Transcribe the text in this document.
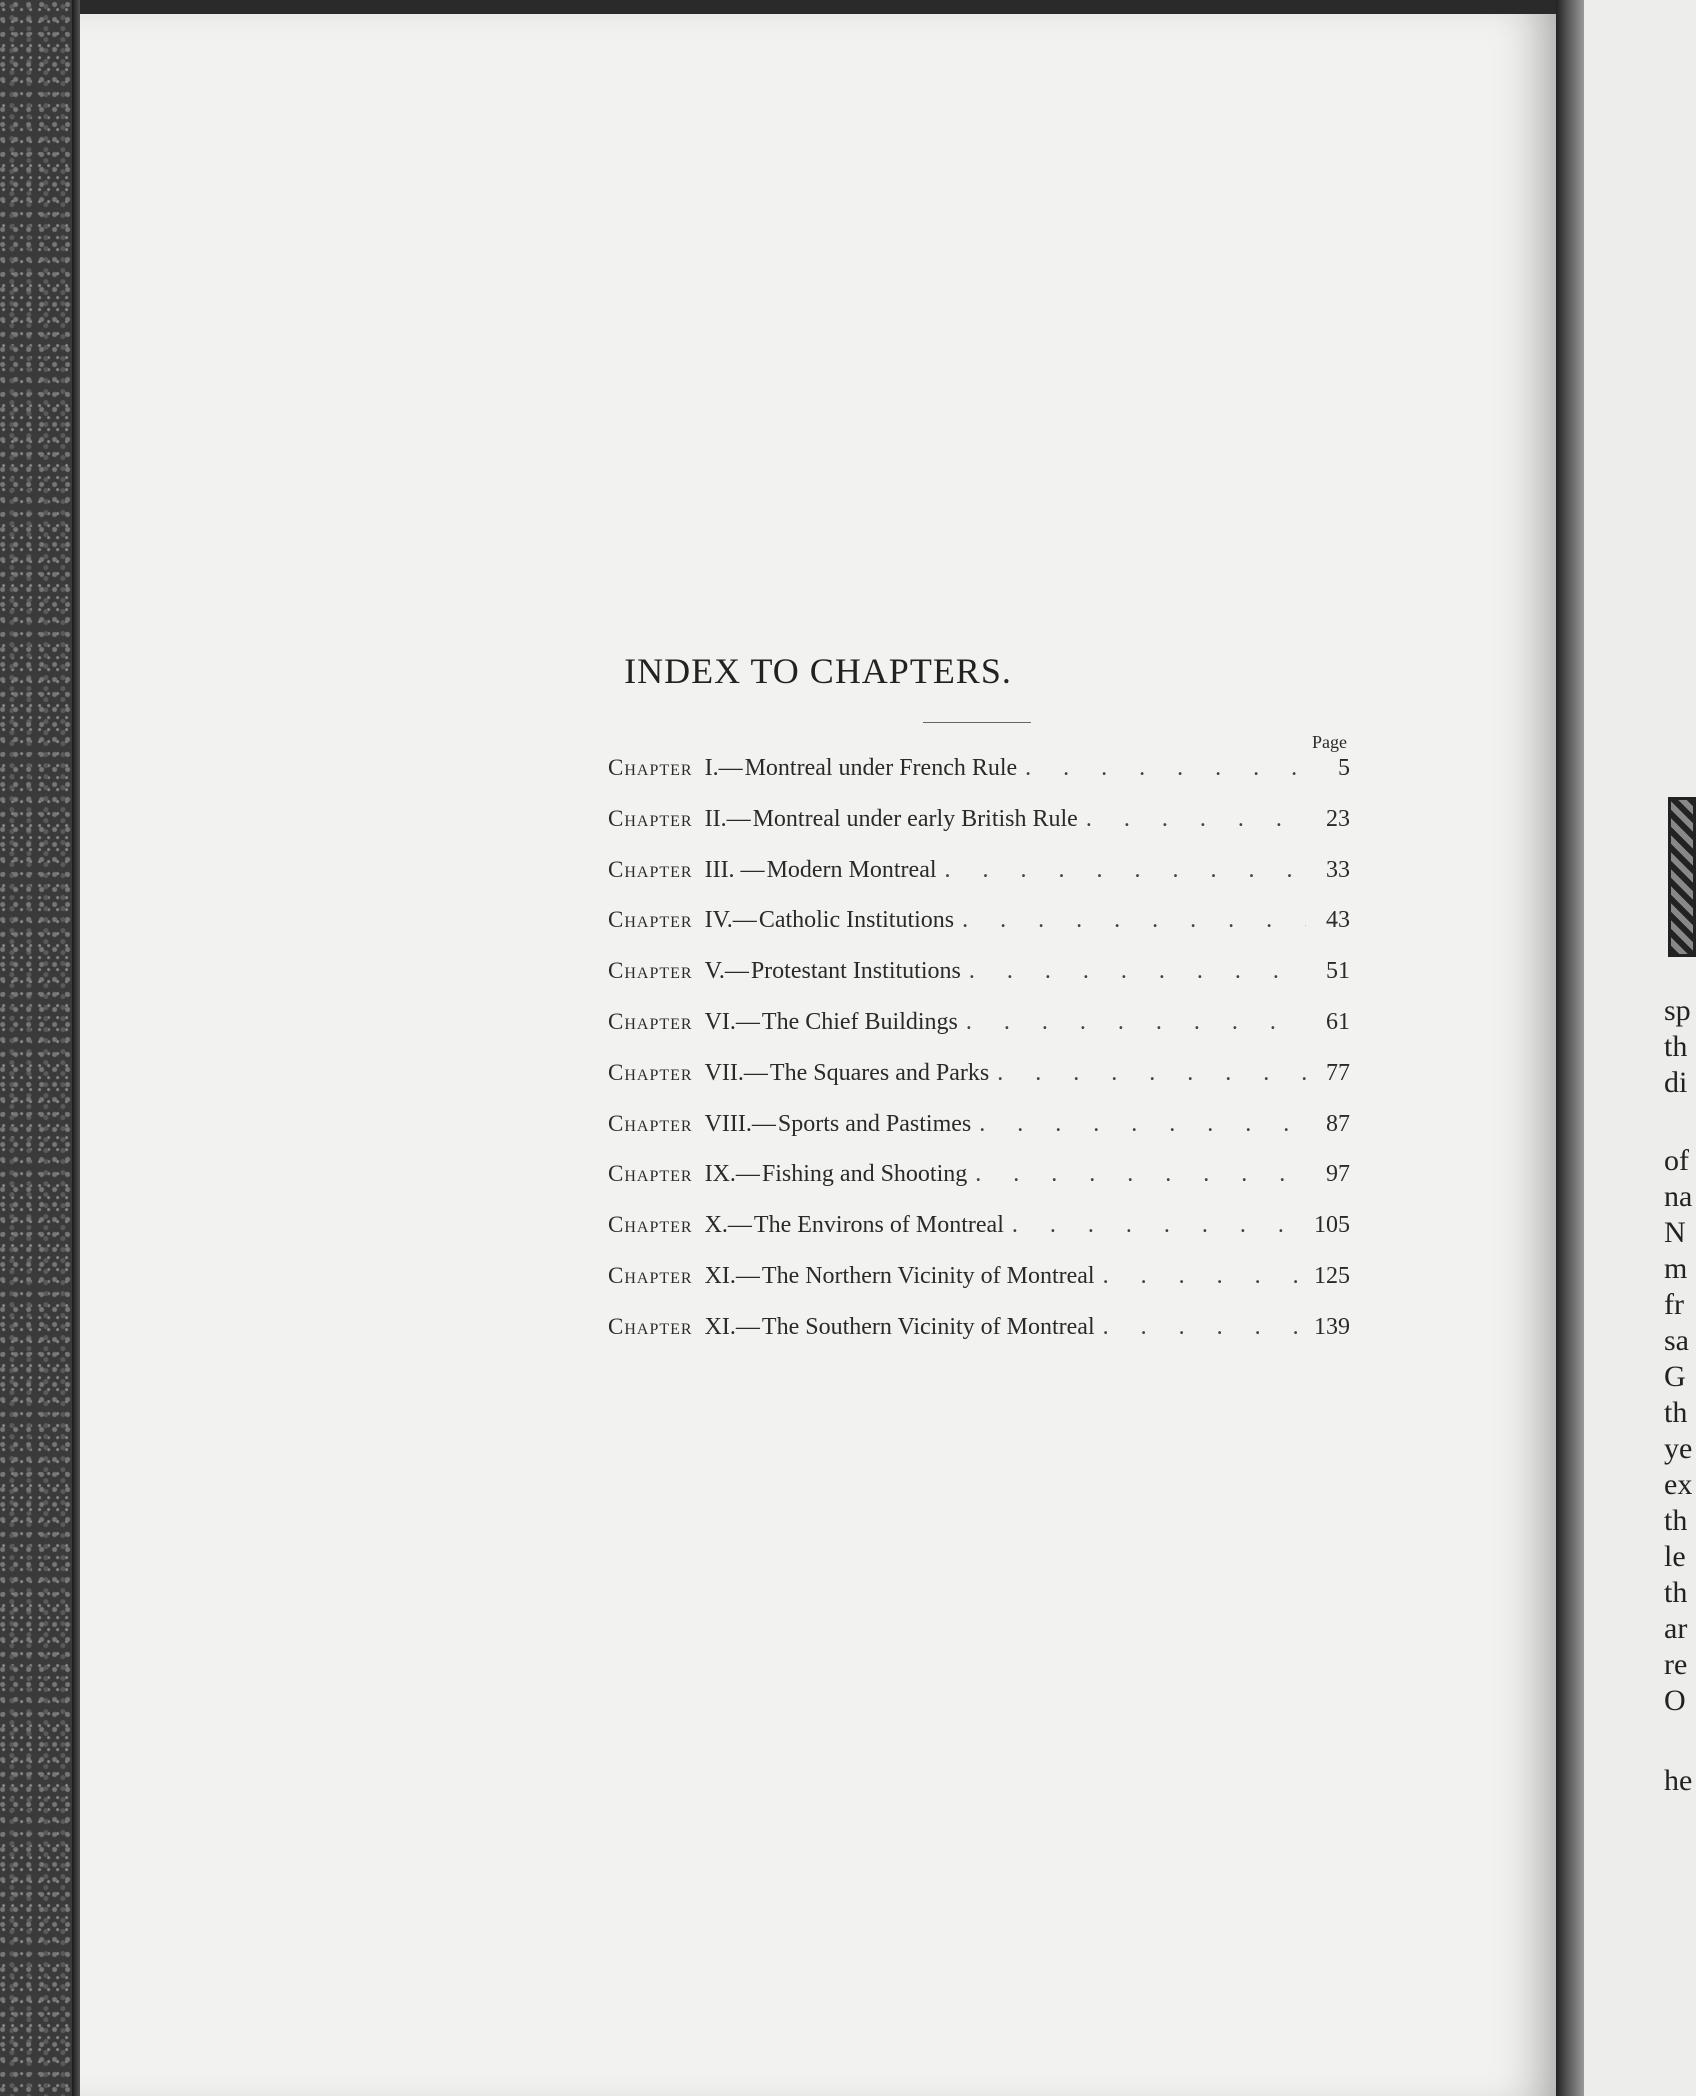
INDEX TO CHAPTERS.
Page
Chapter I.— Montreal under French Rule . . .	5
Chapter II.— Montreal under early British Rule . . .	23
Chapter III. — Modern Montreal . . .	33
Chapter IV.— Catholic Institutions . . .	43
Chapter V.— Protestant Institutions . . .	51
Chapter VI.— The Chief Buildings . . .	61
Chapter VII.— The Squares and Parks . . .	77
Chapter VIII.— Sports and Pastimes . . .	87
Chapter IX.— Fishing and Shooting . . .	97
Chapter X.— The Environs of Montreal . . .	105
Chapter XI.— The Northern Vicinity of Montreal . . .	125
Chapter XI.— The Southern Vicinity of Montreal . . .	139
sp
th
di
of
na
N
m
fr
sa
G
th
ye
ex
th
le
th
ar
re
O
he
